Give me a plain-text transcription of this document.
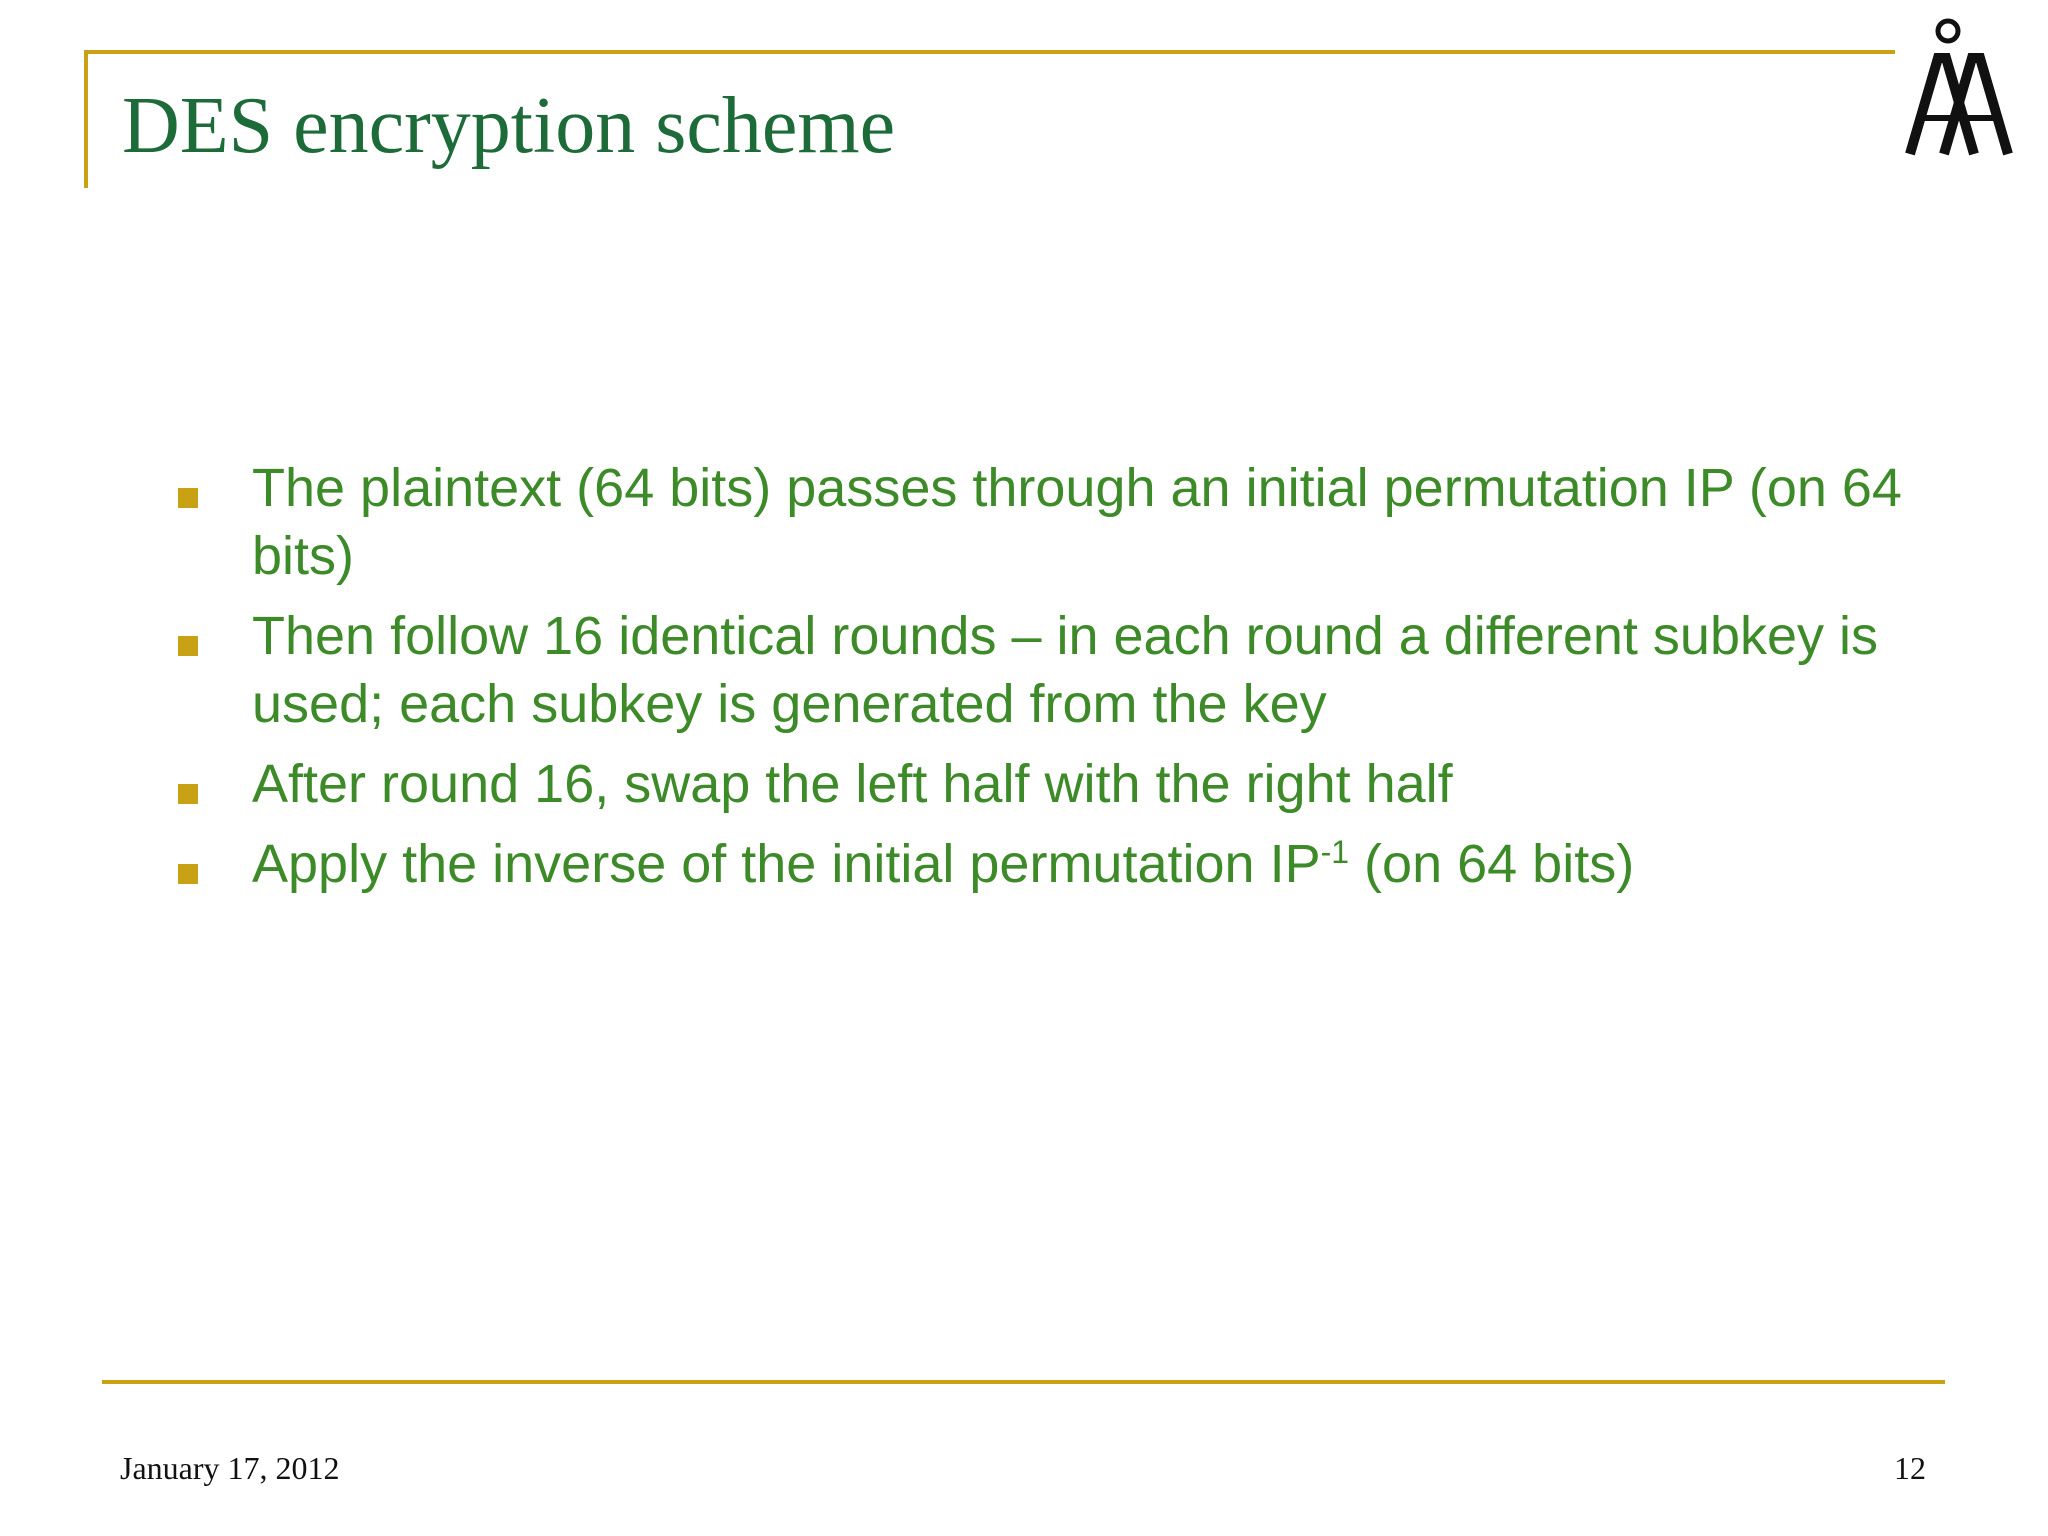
DES encryption scheme
The plaintext (64 bits) passes through an initial permutation IP (on 64 bits)
Then follow 16 identical rounds – in each round a different subkey is used; each subkey is generated from the key
After round 16, swap the left half with the right half
Apply the inverse of the initial permutation $IP^{-1}$ (on 64 bits)
January 17, 2012	12
